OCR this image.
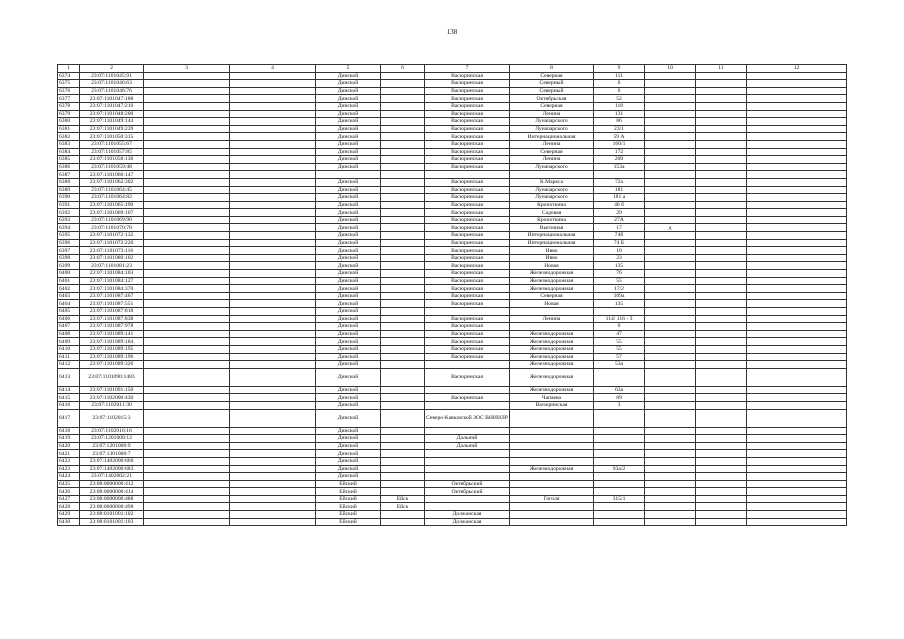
138
1	2	3	4	5	6	7	8	9	10	11	12
6374	23:07:1101045:91			Динской		Васюринская	Северная	111			
6375	23:07:1101046:63			Динской		Васюринская	Северный	6			
6376	23:07:1101046:76			Динской		Васюринская	Северный	6			
6377	23:07:1101047:188			Динской		Васюринская	Октябрьская	52			
6378	23:07:1101047:210			Динской		Васюринская	Северная	118			
6379	23:07:1101048:200			Динской		Васюринская	Ленина	131			
6380	23:07:1101049:144			Динской		Васюринская	Луначарского	86			
6381	23:07:1101049:239			Динской		Васюринская	Луначарского	23/1			
6382	23:07:1101050:315			Динской		Васюринская	Интернациональная	59 А			
6383	23:07:1101055:67			Динской		Васюринская	Ленина	160/1			
6384	23:07:1101057:85			Динской		Васюринская	Северная	172			
6385	23:07:1101058:136			Динской		Васюринская	Ленина	209			
6386	23:07:1101059:48			Динской		Васюринская	Луначарского	153а			
6387	23:07:1101060:147										
6388	23:07:1101062:302			Динской		Васюринская	К.Маркса	72а			
6389	23:07:1101064:45			Динской		Васюринская	Луначарского	181			
6390	23:07:1101064:82			Динской		Васюринская	Луначарского	181 а			
6391	23:07:1101065:190			Динской		Васюринская	Кропоткина	48 б			
6392	23:07:1101069:107			Динской		Васюринская	Садовая	29			
6393	23:07:1101069:90			Динской		Васюринская	Кропоткина	27А			
6394	23:07:1101070:78			Динской		Васюринская	Выгонная	17	д		
6395	23:07:1101072:132			Динской		Васюринская	Интернациональная	74б			
6396	23:07:1101072:220			Динской		Васюринская	Интернациональная	74 Б			
6397	23:07:1101073:116			Динской		Васюринская	Ивко	10			
6398	23:07:1101080:102			Динской		Васюринская	Ивко	23			
6399	23:07:1101081:23			Динской		Васюринская	Новая	135			
6400	23:07:1101084:103			Динской		Васюринская	Железнодорожная	76			
6401	23:07:1101084:127			Динской		Васюринская	Железнодорожная	55			
6402	23:07:1101084:370			Динской		Васюринская	Железнодорожная	17/2			
6403	23:07:1101087:467			Динской		Васюринская	Северная	109а			
6404	23:07:1101087:551			Динской		Васюринская	Новая	135			
6405	23:07:1101087:818			Динской							
6406	23:07:1101087:838			Динской		Васюринская	Ленина	114/ 116 - 3			
6407	23:07:1101087:978			Динской		Васюринская		0			
6408	23:07:1101089:141			Динской		Васюринская	Железнодорожная	47			
6409	23:07:1101089:184			Динской		Васюринская	Железнодорожная	55			
6410	23:07:1101089:195			Динской		Васюринская	Железнодорожная	55			
6411	23:07:1101089:196			Динской		Васюринская	Железнодорожная	57			
6412	23:07:1101089:326			Динской			Железнодорожная	53а			
6413	23:07:1101090:1483			Динской		Васюринская	Железнодорожная				
6414	23:07:1101091:150			Динской			Железнодорожная	63а			
6415	23:07:1102000:430			Динской		Васюринская	Чапаева	89			
6416	23:07:1102011:30			Динской			Васюринская	3			
6417	23:07:1102015:3			Динской		Северо-Кавказской ЗОС ВНИИЛР					
6418	23:07:1102016:16			Динской							
6419	23:07:1201000:12			Динской		Дальний					
6420	23:07:1201000:9			Динской		Дальний					
6421	23:07:1301000:7			Динской							
6422	23:07:1402000:660			Динской							
6423	23:07:1402000:683			Динской			Железнодорожная	93а/2			
6424	23:07:1402002:21			Динской							
6425	23:08:0000000:412			Ейский		Октябрьский					
6426	23:08:0000000:414			Ейский		Октябрьский					
6427	23:08:0000000:488			Ейский	Ейск		Гоголя	315/1			
6428	23:08:0000000:498			Ейский	Ейск						
6429	23:08:0101001:102			Ейский		Должанская					
6430	23:08:0101001:103			Ейский		Должанская					
